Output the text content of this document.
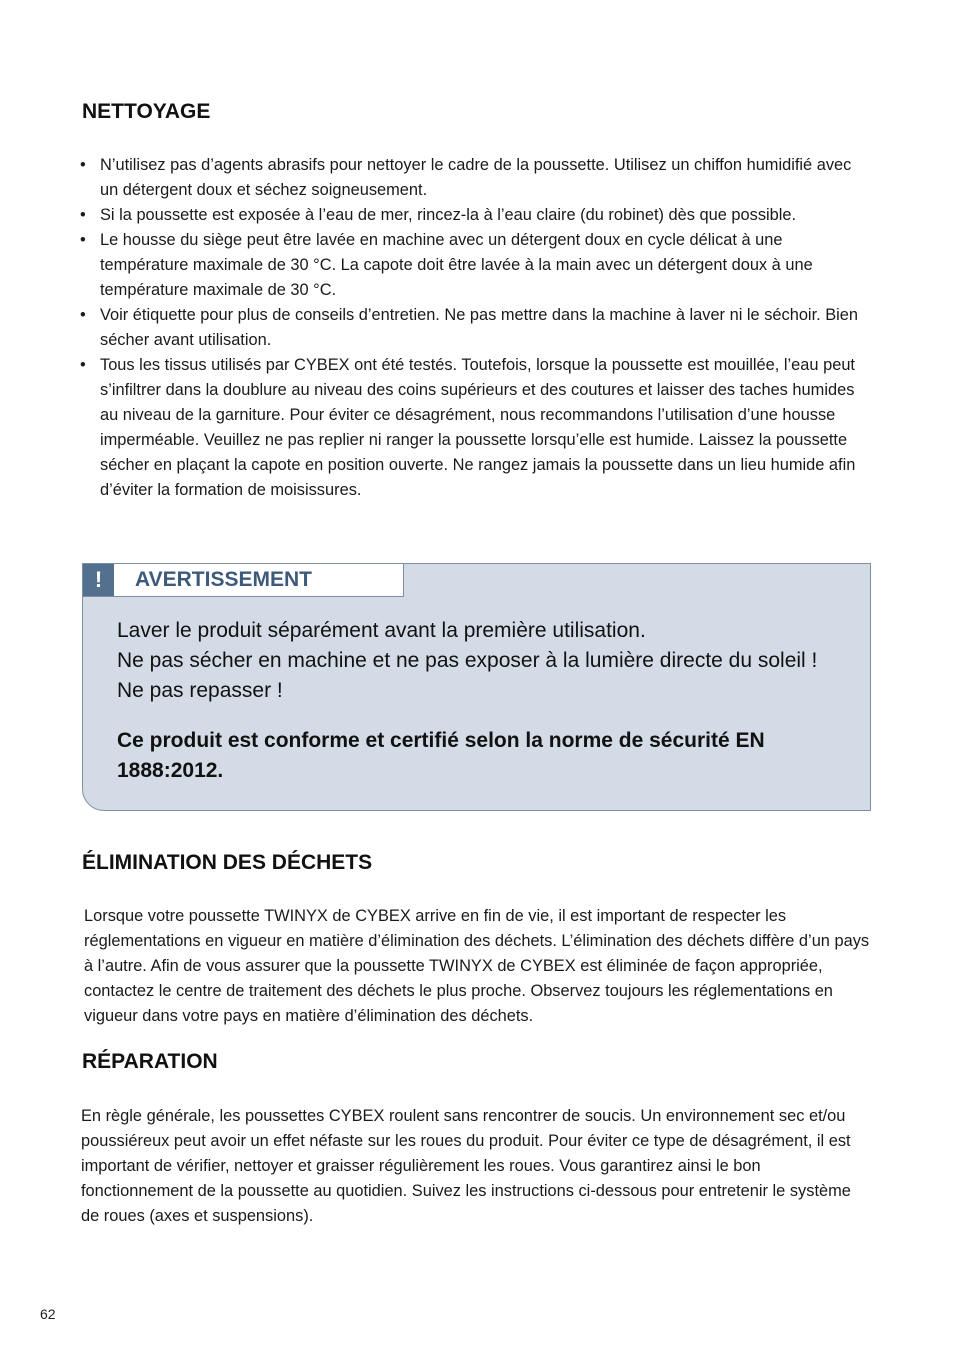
NETTOYAGE
• N’utilisez pas d’agents abrasifs pour nettoyer le cadre de la poussette. Utilisez un chiffon humidifié avec un détergent doux et séchez soigneusement.
• Si la poussette est exposée à l’eau de mer, rincez-la à l’eau claire (du robinet) dès que possible.
• Le housse du siège peut être lavée en machine avec un détergent doux en cycle délicat à une température maximale de 30 °C. La capote doit être lavée à la main avec un détergent doux à une température maximale de 30 °C.
• Voir étiquette pour plus de conseils d’entretien. Ne pas mettre dans la machine à laver ni le séchoir. Bien sécher avant utilisation.
• Tous les tissus utilisés par CYBEX ont été testés. Toutefois, lorsque la poussette est mouillée, l’eau peut s’infiltrer dans la doublure au niveau des coins supérieurs et des coutures et laisser des taches humides au niveau de la garniture. Pour éviter ce désagrément, nous recommandons l’utilisation d’une housse imperméable. Veuillez ne pas replier ni ranger la poussette lorsqu’elle est humide. Laissez la poussette sécher en plaçant la capote en position ouverte. Ne rangez jamais la poussette dans un lieu humide afin d’éviter la formation de moisissures.
!	AVERTISSEMENT

Laver le produit séparément avant la première utilisation.
Ne pas sécher en machine et ne pas exposer à la lumière directe du soleil ! Ne pas repasser !

Ce produit est conforme et certifié selon la norme de sécurité EN 1888:2012.

ÉLIMINATION DES DÉCHETS

Lorsque votre poussette TWINYX de CYBEX arrive en fin de vie, il est important de respecter les réglementations en vigueur en matière d’élimination des déchets. L’élimination des déchets diffère d’un pays à l’autre. Afin de vous assurer que la poussette TWINYX de CYBEX est éliminée de façon appropriée, contactez le centre de traitement des déchets le plus proche. Observez toujours les réglementations en vigueur dans votre pays en matière d’élimination des déchets.

RÉPARATION

En règle générale, les poussettes CYBEX roulent sans rencontrer de soucis. Un environnement sec et/ou poussiéreux peut avoir un effet néfaste sur les roues du produit. Pour éviter ce type de désagrément, il est important de vérifier, nettoyer et graisser régulièrement les roues. Vous garantirez ainsi le bon fonctionnement de la poussette au quotidien. Suivez les instructions ci-dessous pour entretenir le système de roues (axes et suspensions).

62
